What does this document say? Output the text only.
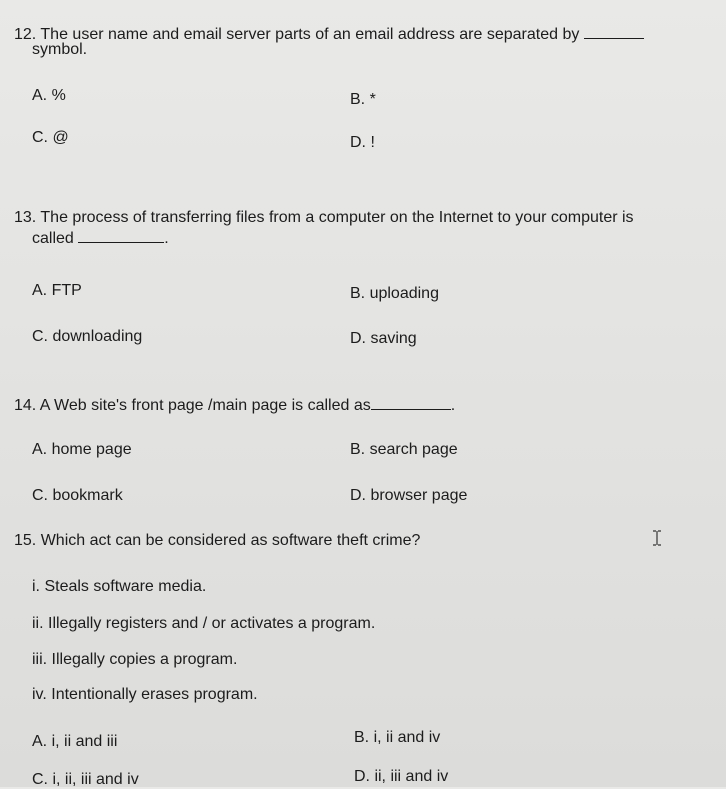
12. The user name and email server parts of an email address are separated by
symbol.
A. %	B. *
C. @	D. !
13. The process of transferring files from a computer on the Internet to your computer is
called	.
A. FTP	B. uploading
C. downloading	D. saving
14. A Web site's front page /main page is called as	.
A. home page	B. search page
C. bookmark	D. browser page
15. Which act can be considered as software theft crime?
i. Steals software media.
ii. Illegally registers and / or activates a program.
iii. Illegally copies a program.
iv. Intentionally erases program.
A. i, ii and iii	B. i, ii and iv
C. i, ii, iii and iv	D. ii, iii and iv
